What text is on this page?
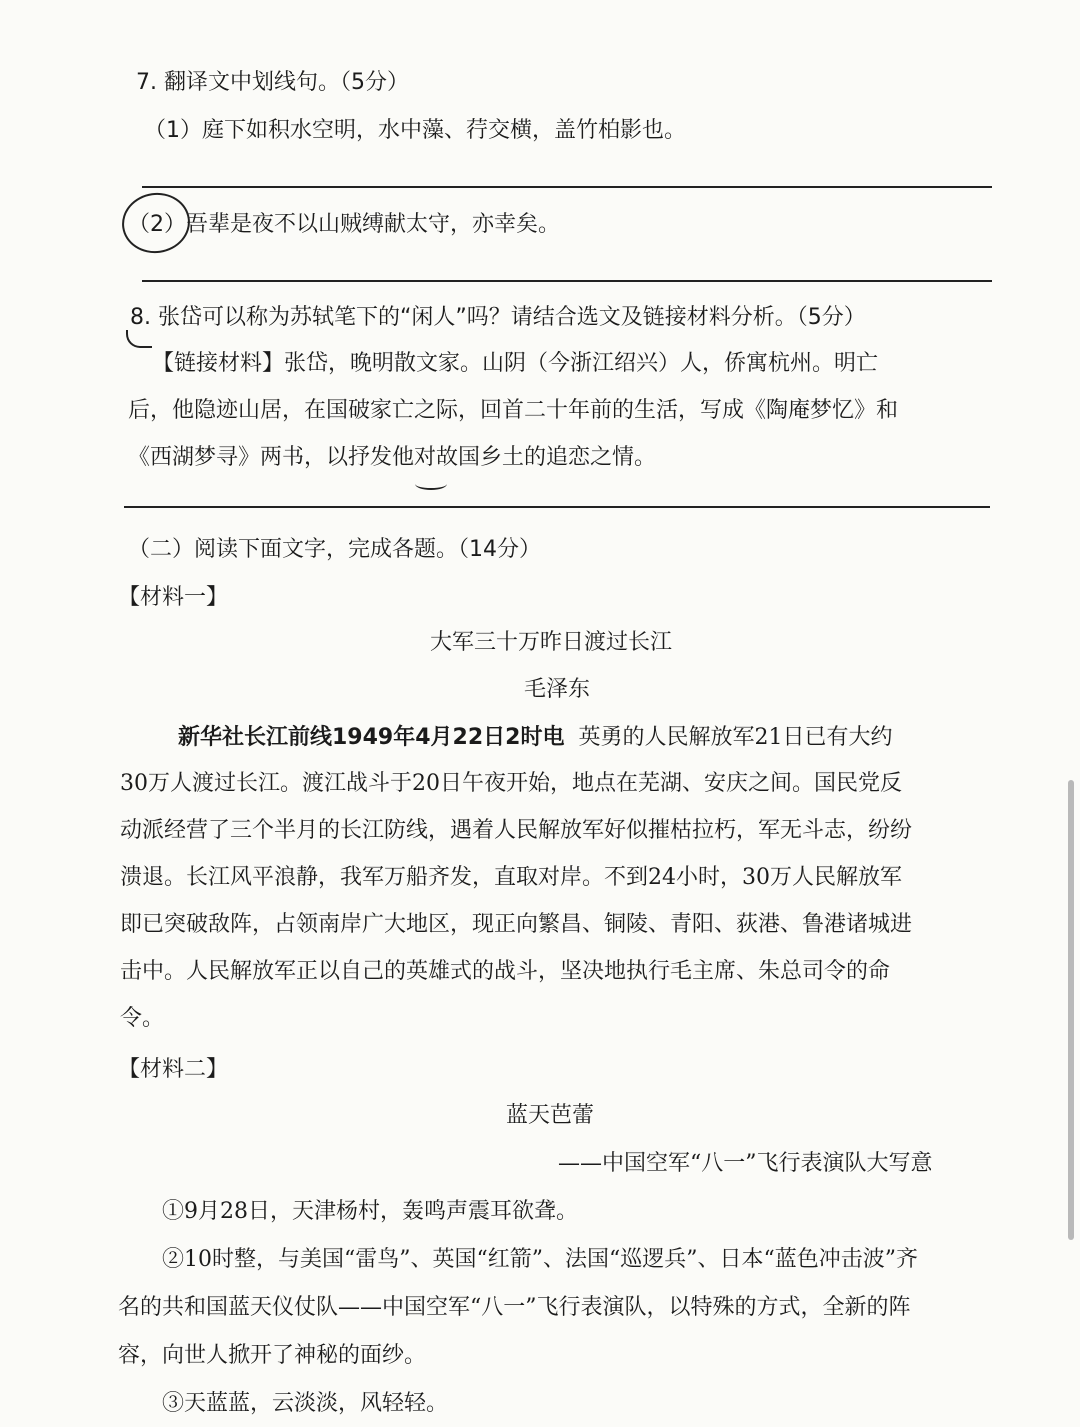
7. 翻译文中划线句。（5分）
（1）庭下如积水空明，水中藻、荇交横，盖竹柏影也。
（2）吾辈是夜不以山贼缚献太守，亦幸矣。
8. 张岱可以称为苏轼笔下的“闲人”吗？请结合选文及链接材料分析。（5分）
【链接材料】张岱，晚明散文家。山阴（今浙江绍兴）人，侨寓杭州。明亡
后，他隐迹山居，在国破家亡之际，回首二十年前的生活，写成《陶庵梦忆》和
《西湖梦寻》两书，以抒发他对故国乡土的追恋之情。
（二）阅读下面文字，完成各题。（14分）
【材料一】
大军三十万昨日渡过长江
毛泽东
新华社长江前线1949年4月22日2时电 英勇的人民解放军21日已有大约
30万人渡过长江。渡江战斗于20日午夜开始，地点在芜湖、安庆之间。国民党反
动派经营了三个半月的长江防线，遇着人民解放军好似摧枯拉朽，军无斗志，纷纷
溃退。长江风平浪静，我军万船齐发，直取对岸。不到24小时，30万人民解放军
即已突破敌阵，占领南岸广大地区，现正向繁昌、铜陵、青阳、荻港、鲁港诸城进
击中。人民解放军正以自己的英雄式的战斗，坚决地执行毛主席、朱总司令的命
令。
【材料二】
蓝天芭蕾
——中国空军“八一”飞行表演队大写意
①9月28日，天津杨村，轰鸣声震耳欲聋。
②10时整，与美国“雷鸟”、英国“红箭”、法国“巡逻兵”、日本“蓝色冲击波”齐
名的共和国蓝天仪仗队——中国空军“八一”飞行表演队，以特殊的方式，全新的阵
容，向世人掀开了神秘的面纱。
③天蓝蓝，云淡淡，风轻轻。
